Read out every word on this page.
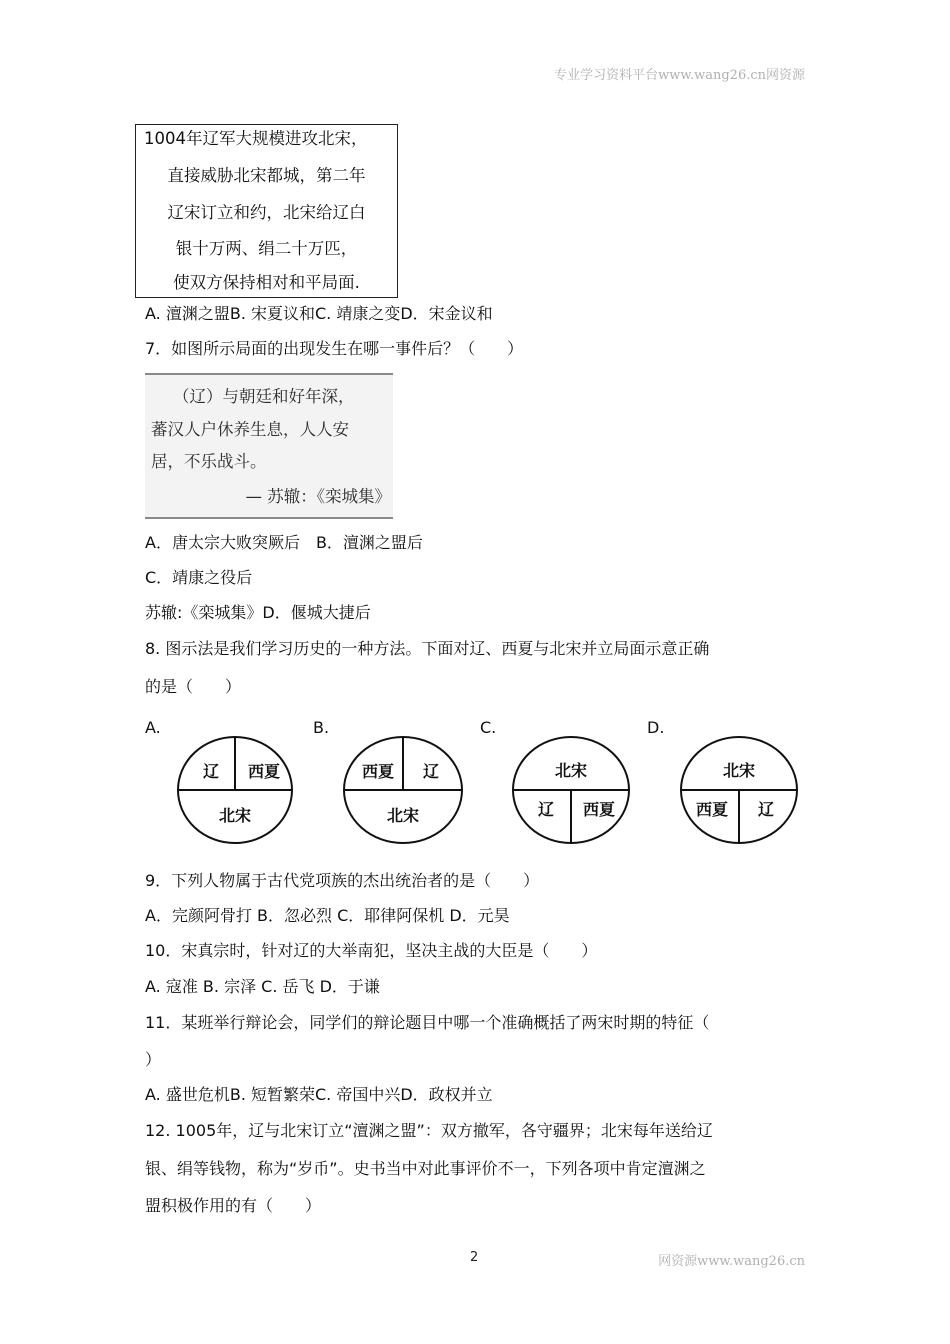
专业学习资料平台www.wang26.cn网资源
1004年辽军大规模进攻北宋，
直接威胁北宋都城，第二年
辽宋订立和约，北宋给辽白
银十万两、绢二十万匹，
使双方保持相对和平局面.
A. 澶渊之盟B. 宋夏议和C. 靖康之变D．宋金议和
7．如图所示局面的出现发生在哪一事件后？（　　）
（辽）与朝廷和好年深，
蕃汉人户休养生息，人人安
居，不乐战斗。
— 苏辙：《栾城集》
A．唐太宗大败突厥后　B．澶渊之盟后
C．靖康之役后
苏辙:《栾城集》D．偃城大捷后
8. 图示法是我们学习历史的一种方法。下面对辽、西夏与北宋并立局面示意正确
的是（　　）
A.	B.	C.	D.
辽 西夏
北宋
西夏 辽
北宋
北宋
辽 西夏
北宋
西夏 辽
9．下列人物属于古代党项族的杰出统治者的是（　　）
A．完颜阿骨打 B．忽必烈 C．耶律阿保机 D．元昊
10．宋真宗时，针对辽的大举南犯，坚决主战的大臣是（　　）
A. 寇准 B. 宗泽 C. 岳飞 D．于谦
11．某班举行辩论会，同学们的辩论题目中哪一个准确概括了两宋时期的特征（
）
A. 盛世危机B. 短暂繁荣C. 帝国中兴D．政权并立
12. 1005年，辽与北宋订立“澶渊之盟”：双方撤军，各守疆界；北宋每年送给辽
银、绢等钱物，称为“岁币”。史书当中对此事评价不一，下列各项中肯定澶渊之
盟积极作用的有（　　）
2	网资源www.wang26.cn
